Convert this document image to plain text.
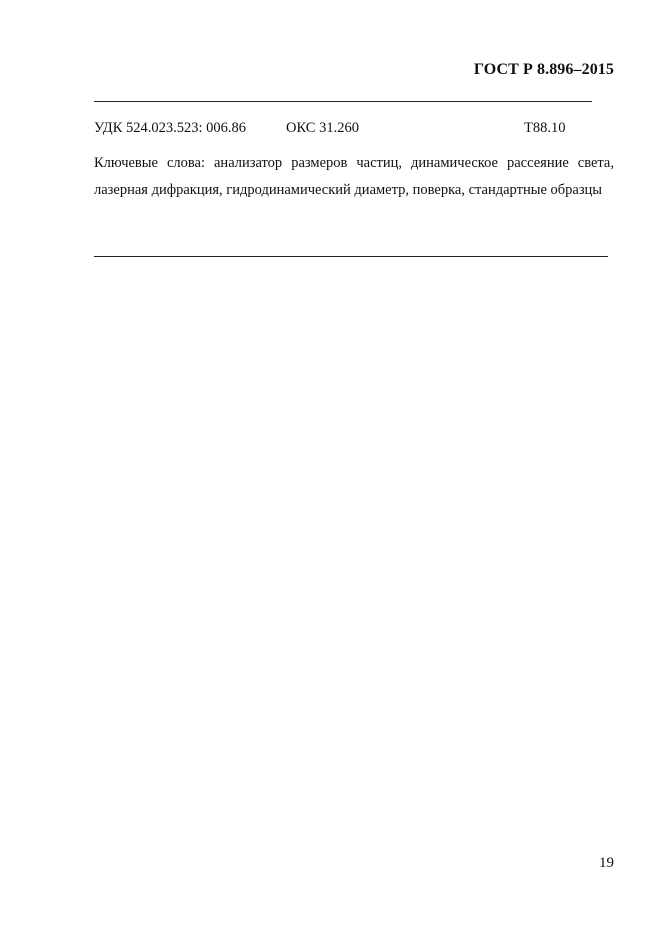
ГОСТ Р 8.896–2015
УДК 524.023.523: 006.86	ОКС 31.260	T88.10
Ключевые слова: анализатор размеров частиц, динамическое рассеяние света, лазерная дифракция, гидродинамический диаметр, поверка, стандартные образцы
19
